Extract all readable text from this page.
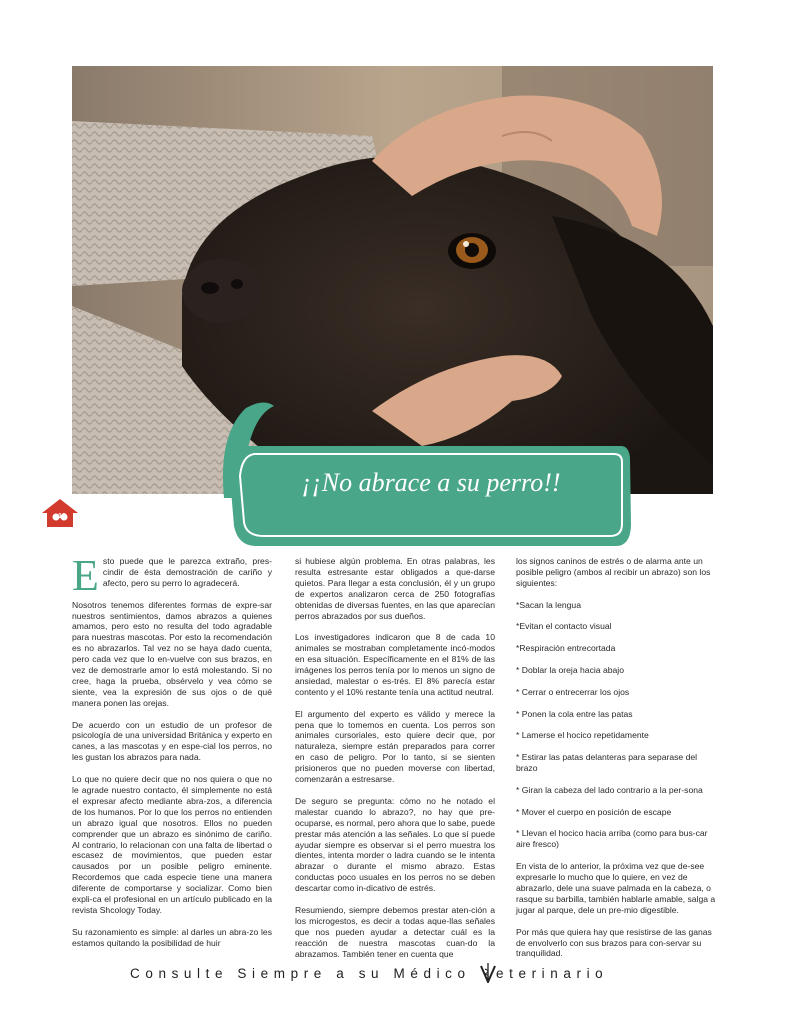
¡¡No abrace a su perro!!
12

Esto puede que le parezca extraño, pres-cindir de ésta demostración de cariño y afecto, pero su perro lo agradecerá.

Nosotros tenemos diferentes formas de expre-sar nuestros sentimientos, damos abrazos a quienes amamos, pero esto no resulta del todo agradable para nuestras mascotas. Por esto la recomendación es no abrazarlos. Tal vez no se haya dado cuenta, pero cada vez que lo en-vuelve con sus brazos, en vez de demostrarle amor lo está molestando. Si no cree, haga la prueba, obsérvelo y vea cómo se siente, vea la expresión de sus ojos o de qué manera ponen las orejas.

De acuerdo con un estudio de un profesor de psicología de una universidad Británica y experto en canes, a las mascotas y en espe-cial los perros, no les gustan los abrazos para nada.

Lo que no quiere decir que no nos quiera o que no le agrade nuestro contacto, él simplemente no está el expresar afecto mediante abra-zos, a diferencia de los humanos. Por lo que los perros no entienden un abrazo igual que nosotros. Ellos no pueden comprender que un abrazo es sinónimo de cariño. Al contrario, lo relacionan con una falta de libertad o escasez de movimientos, que pueden estar causados por un posible peligro eminente. Recordemos que cada especie tiene una manera diferente de comportarse y socializar. Como bien expli-ca el profesional en un artículo publicado en la revista Shcology Today.

Su razonamiento es simple: al darles un abra-zo les estamos quitando la posibilidad de huir

si hubiese algún problema. En otras palabras, les resulta estresante estar obligados a que-darse quietos. Para llegar a esta conclusión, él y un grupo de expertos analizaron cerca de 250 fotografías obtenidas de diversas fuentes, en las que aparecían perros abrazados por sus dueños.

Los investigadores indicaron que 8 de cada 10 animales se mostraban completamente incó-modos en esa situación. Específicamente en el 81% de las imágenes los perros tenía por lo menos un signo de ansiedad, malestar o es-trés. El 8% parecía estar contento y el 10% restante tenía una actitud neutral.

El argumento del experto es válido y merece la pena que lo tomemos en cuenta. Los perros son animales cursoriales, esto quiere decir que, por naturaleza, siempre están preparados para correr en caso de peligro. Por lo tanto, si se sienten prisioneros que no pueden moverse con libertad, comenzarán a estresarse.

De seguro se pregunta: cómo no he notado el malestar cuando lo abrazo?, no hay que pre-ocuparse, es normal, pero ahora que lo sabe, puede prestar más atención a las señales. Lo que sí puede ayudar siempre es observar si el perro muestra los dientes, intenta morder o ladra cuando se le intenta abrazar o durante el mismo abrazo. Estas conductas poco usuales en los perros no se deben descartar como in-dicativo de estrés.

Resumiendo, siempre debemos prestar aten-ción a los microgestos, es decir a todas aque-llas señales que nos pueden ayudar a detectar cuál es la reacción de nuestra mascotas cuan-do la abrazamos. También tener en cuenta que

los signos caninos de estrés o de alarma ante un posible peligro (ambos al recibir un abrazo) son los siguientes:

*Sacan la lengua

*Evitan el contacto visual

*Respiración entrecortada

* Doblar la oreja hacia abajo

* Cerrar o entrecerrar los ojos

* Ponen la cola entre las patas

* Lamerse el hocico repetidamente

* Estirar las patas delanteras para separase del brazo

* Giran la cabeza del lado contrario a la per-sona

* Mover el cuerpo en posición de escape

* Llevan el hocico hacia arriba (como para bus-car aire fresco)

En vista de lo anterior, la próxima vez que de-see expresarle lo mucho que lo quiere, en vez de abrazarlo, dele una suave palmada en la cabeza, o rasque su barbilla, también hablarle amable, salga a jugar al parque, dele un pre-mio digestible.

Por más que quiera hay que resistirse de las ganas de envolverlo con sus brazos para con-servar su tranquilidad.

Consulte Siempre a su Médico eterinario
